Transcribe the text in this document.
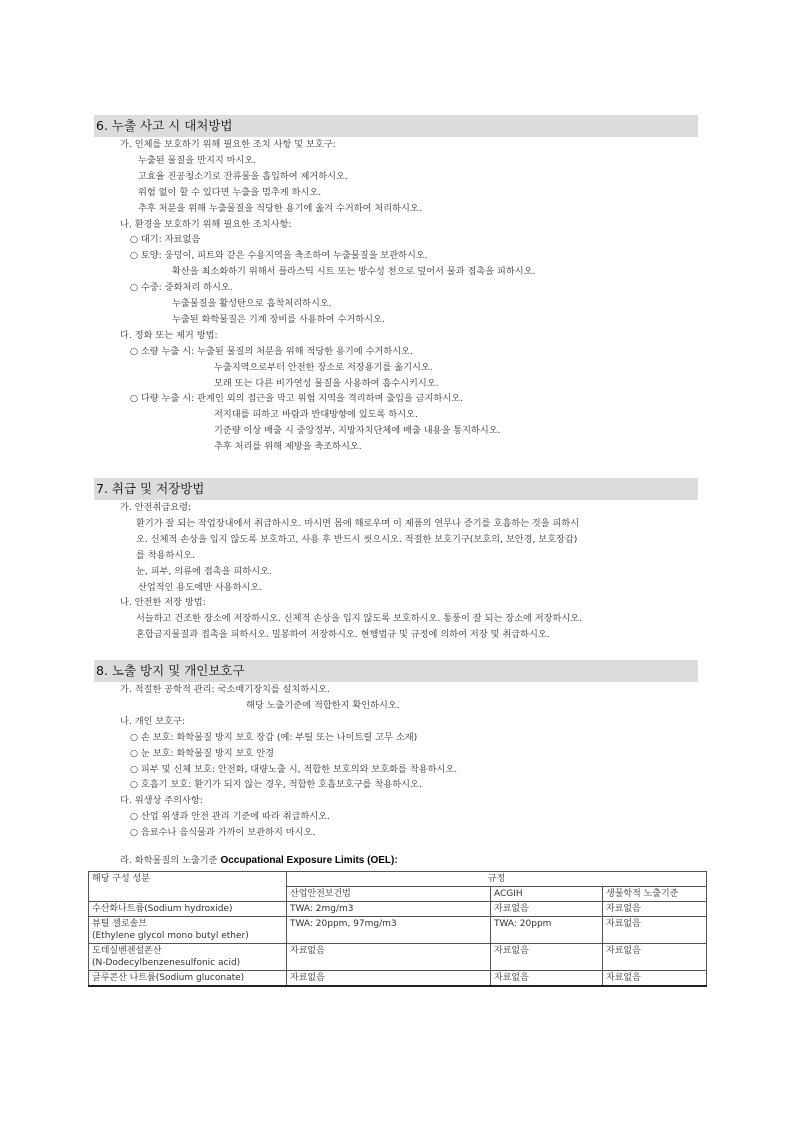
6. 누출 사고 시 대처방법
가. 인체를 보호하기 위해 필요한 조치 사항 및 보호구:
누출된 물질을 만지지 마시오.
고효율 진공청소기로 잔류물을 흡입하여 제거하시오.
위험 없이 할 수 있다면 누출을 멈추게 하시오.
추후 처분을 위해 누출물질을 적당한 용기에 옮겨 수거하여 처리하시오.
나. 환경을 보호하기 위해 필요한 조치사항:
○ 대기: 자료없음
○ 토양: 웅덩이, 피트와 같은 수용지역을 축조하여 누출물질을 보관하시오.
확산을 최소화하기 위해서 플라스틱 시트 또는 방수성 천으로 덮어서 물과 접촉을 피하시오.
○ 수중: 중화처리 하시오.
누출물질을 활성탄으로 흡착처리하시오.
누출된 화학물질은 기계 장비를 사용하여 수거하시오.
다. 정화 또는 제거 방법:
○ 소량 누출 시: 누출된 물질의 처분을 위해 적당한 용기에 수거하시오.
누출지역으로부터 안전한 장소로 저장용기를 옮기시오.
모래 또는 다른 비가연성 물질을 사용하여 흡수시키시오.
○ 다량 누출 시: 관계인 외의 접근을 막고 위험 지역을 격리하며 출입을 금지하시오.
저지대를 피하고 바람과 반대방향에 있도록 하시오.
기준량 이상 배출 시 중앙정부, 지방자치단체에 배출 내용을 통지하시오.
추후 처리를 위해 제방을 축조하시오.
7. 취급 및 저장방법
가. 안전취급요령:
환기가 잘 되는 작업장내에서 취급하시오. 마시면 몸에 해로우며 이 제품의 연무나 증기를 호흡하는 것을 피하시
오. 신체적 손상을 입지 않도록 보호하고, 사용 후 반드시 씻으시오. 적절한 보호기구(보호의, 보안경, 보호장갑)
를 착용하시오.
눈, 피부, 의류에 접촉을 피하시오.
산업적인 용도에만 사용하시오.
나. 안전한 저장 방법:
서늘하고 건조한 장소에 저장하시오. 신체적 손상을 입지 않도록 보호하시오. 통풍이 잘 되는 장소에 저장하시오.
혼합금지물질과 접촉을 피하시오. 밀봉하여 저장하시오. 현행법규 및 규정에 의하여 저장 및 취급하시오.
8. 노출 방지 및 개인보호구
가. 적절한 공학적 관리: 국소배기장치를 설치하시오.
해당 노출기준에 적합한지 확인하시오.
나. 개인 보호구:
○ 손 보호: 화학물질 방지 보호 장갑 (예: 부틸 또는 나이트릴 고무 소재)
○ 눈 보호: 화학물질 방지 보호 안경
○ 피부 및 신체 보호: 안전화, 대량노출 시, 적합한 보호의와 보호화를 착용하시오.
○ 호흡기 보호: 환기가 되지 않는 경우, 적합한 호흡보호구를 착용하시오.
다. 위생상 주의사항:
○ 산업 위생과 안전 관리 기준에 따라 취급하시오.
○ 음료수나 음식물과 가까이 보관하지 마시오.
라. 화학물질의 노출기준 Occupational Exposure Limits (OEL):
해당 구성 성분	규정		
	산업안전보건법	ACGIH	생물학적 노출기준
수산화나트륨(Sodium hydroxide)	TWA: 2mg/m3	자료없음	자료없음
뷰틸 셀로솔브
(Ethylene glycol mono butyl ether)	TWA: 20ppm, 97mg/m3	TWA: 20ppm	자료없음
도데실벤젠설폰산
(N-Dodecylbenzenesulfonic acid)	자료없음	자료없음	자료없음
글루콘산 나트륨(Sodium gluconate)	자료없음	자료없음	자료없음
